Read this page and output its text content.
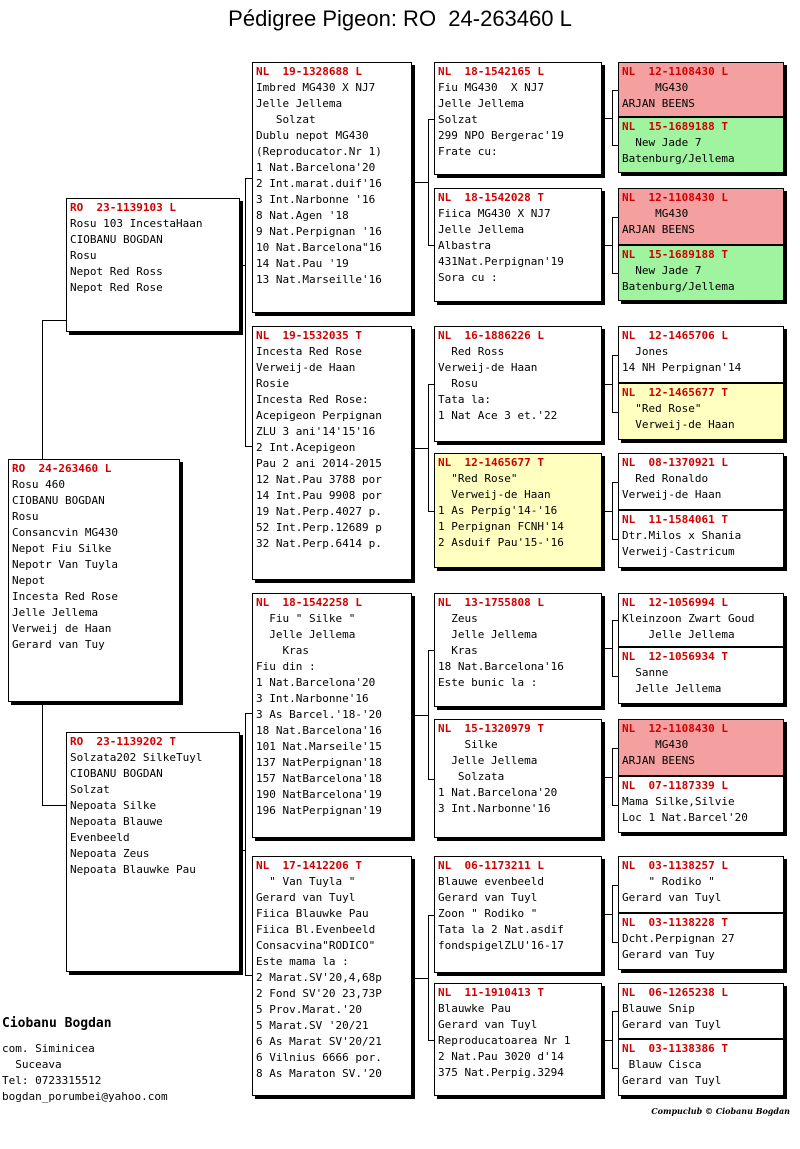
Pédigree Pigeon: RO  24-263460 L
RO  24-263460 L
Rosu 460
CIOBANU BOGDAN
Rosu
Consancvin MG430
Nepot Fiu Silke
Nepotr Van Tuyla
Nepot
Incesta Red Rose
Jelle Jellema
Verweij de Haan
Gerard van Tuy
RO  23-1139103 L
Rosu 103 IncestaHaan
CIOBANU BOGDAN
Rosu
Nepot Red Ross
Nepot Red Rose
RO  23-1139202 T
Solzata202 SilkeTuyl
CIOBANU BOGDAN
Solzat
Nepoata Silke
Nepoata Blauwe
Evenbeeld
Nepoata Zeus
Nepoata Blauwke Pau
NL  19-1328688 L
Imbred MG430 X NJ7
Jelle Jellema
Solzat
Dublu nepot MG430
(Reproducator.Nr 1)
1 Nat.Barcelona'20
2 Int.marat.duif'16
3 Int.Narbonne '16
8 Nat.Agen '18
9 Nat.Perpignan '16
10 Nat.Barcelona"16
14 Nat.Pau '19
13 Nat.Marseille'16
NL  19-1532035 T
Incesta Red Rose
Verweij-de Haan
Rosie
Incesta Red Rose:
Acepigeon Perpignan
ZLU 3 ani'14'15'16
2 Int.Acepigeon
Pau 2 ani 2014-2015
12 Nat.Pau 3788 por
14 Int.Pau 9908 por
19 Nat.Perp.4027 p.
52 Int.Perp.12689 p
32 Nat.Perp.6414 p.
NL  18-1542258 L
Fiu " Silke "
Jelle Jellema
Kras
Fiu din :
1 Nat.Barcelona'20
3 Int.Narbonne'16
3 As Barcel.'18-'20
18 Nat.Barcelona'16
101 Nat.Marseile'15
137 NatPerpignan'18
157 NatBarcelona'18
190 NatBarcelona'19
196 NatPerpignan'19
NL  17-1412206 T
" Van Tuyla "
Gerard van Tuyl
Fiica Blauwke Pau
Fiica Bl.Evenbeeld
Consacvina"RODICO"
Este mama la :
2 Marat.SV'20,4,68p
2 Fond SV'20 23,73P
5 Prov.Marat.'20
5 Marat.SV '20/21
6 As Marat SV'20/21
6 Vilnius 6666 por.
8 As Maraton SV.'20
NL  18-1542165 L
Fiu MG430  X NJ7
Jelle Jellema
Solzat
299 NPO Bergerac'19
Frate cu:
NL  18-1542028 T
Fiica MG430 X NJ7
Jelle Jellema
Albastra
431Nat.Perpignan'19
Sora cu :
NL  16-1886226 L
Red Ross
Verweij-de Haan
Rosu
Tata la:
1 Nat Ace 3 et.'22
NL  12-1465677 T
"Red Rose"
Verweij-de Haan
1 As Perpig'14-'16
1 Perpignan FCNH'14
2 Asduif Pau'15-'16
NL  13-1755808 L
Zeus
Jelle Jellema
Kras
18 Nat.Barcelona'16
Este bunic la :
NL  15-1320979 T
Silke
Jelle Jellema
Solzata
1 Nat.Barcelona'20
3 Int.Narbonne'16
NL  06-1173211 L
Blauwe evenbeeld
Gerard van Tuyl
Zoon " Rodiko "
Tata la 2 Nat.asdif
fondspigelZLU'16-17
NL  11-1910413 T
Blauwke Pau
Gerard van Tuyl
Reproducatoarea Nr 1
2 Nat.Pau 3020 d'14
375 Nat.Perpig.3294
NL  12-1108430 L
MG430
ARJAN BEENS
NL  15-1689188 T
New Jade 7
Batenburg/Jellema
NL  12-1108430 L
MG430
ARJAN BEENS
NL  15-1689188 T
New Jade 7
Batenburg/Jellema
NL  12-1465706 L
Jones
14 NH Perpignan'14
NL  12-1465677 T
"Red Rose"
Verweij-de Haan
NL  08-1370921 L
Red Ronaldo
Verweij-de Haan
NL  11-1584061 T
Dtr.Milos x Shania
Verweij-Castricum
NL  12-1056994 L
Kleinzoon Zwart Goud
Jelle Jellema
NL  12-1056934 T
Sanne
Jelle Jellema
NL  12-1108430 L
MG430
ARJAN BEENS
NL  07-1187339 L
Mama Silke,Silvie
Loc 1 Nat.Barcel'20
NL  03-1138257 L
" Rodiko "
Gerard van Tuyl
NL  03-1138228 T
Dcht.Perpignan 27
Gerard van Tuy
NL  06-1265238 L
Blauwe Snip
Gerard van Tuyl
NL  03-1138386 T
Blauw Cisca
Gerard van Tuyl
Ciobanu Bogdan
com. Siminicea
Suceava
Tel: 0723315512
bogdan_porumbei@yahoo.com
Compuclub © Ciobanu Bogdan
